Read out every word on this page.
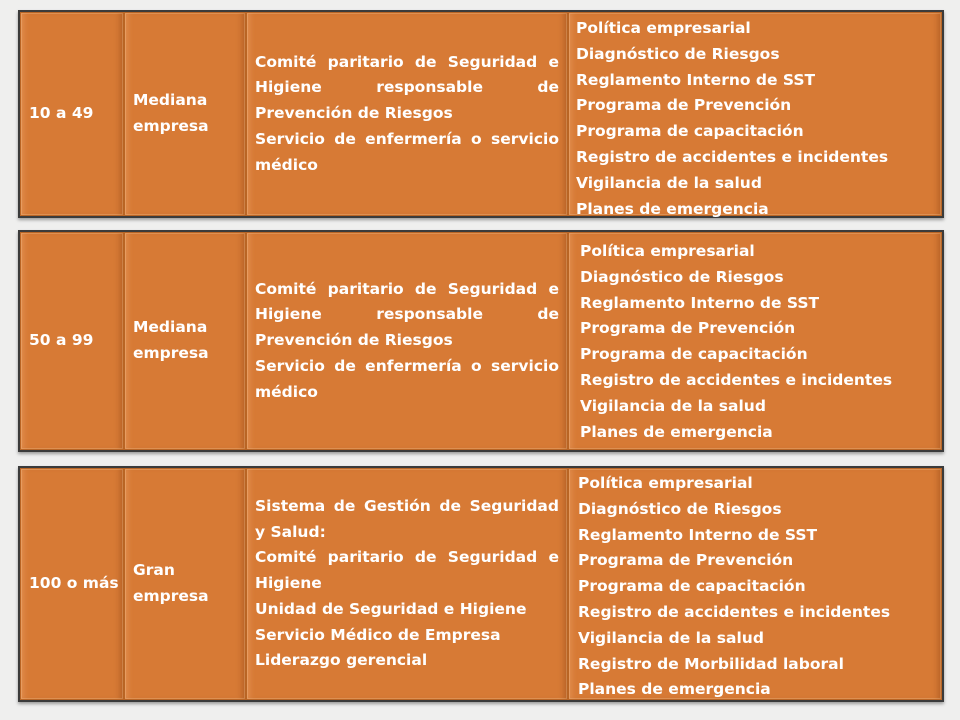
10 a 49
Mediana empresa
Comité paritario de Seguridad e Higiene responsable de Prevención de Riesgos
Servicio de enfermería o servicio médico
Política empresarial
Diagnóstico de Riesgos
Reglamento Interno de SST
Programa de Prevención
Programa de capacitación
Registro de accidentes e incidentes
Vigilancia de la salud
Planes de emergencia
50 a 99
Mediana empresa
Comité paritario de Seguridad e Higiene responsable de Prevención de Riesgos
Servicio de enfermería o servicio médico
Política empresarial
Diagnóstico de Riesgos
Reglamento Interno de SST
Programa de Prevención
Programa de capacitación
Registro de accidentes e incidentes
Vigilancia de la salud
Planes de emergencia
100 o más
Gran empresa
Sistema de Gestión de Seguridad y Salud:
Comité paritario de Seguridad e Higiene
Unidad de Seguridad e Higiene
Servicio Médico de Empresa
Liderazgo gerencial
Política empresarial
Diagnóstico de Riesgos
Reglamento Interno de SST
Programa de Prevención
Programa de capacitación
Registro de accidentes e incidentes
Vigilancia de la salud
Registro de Morbilidad laboral
Planes de emergencia
